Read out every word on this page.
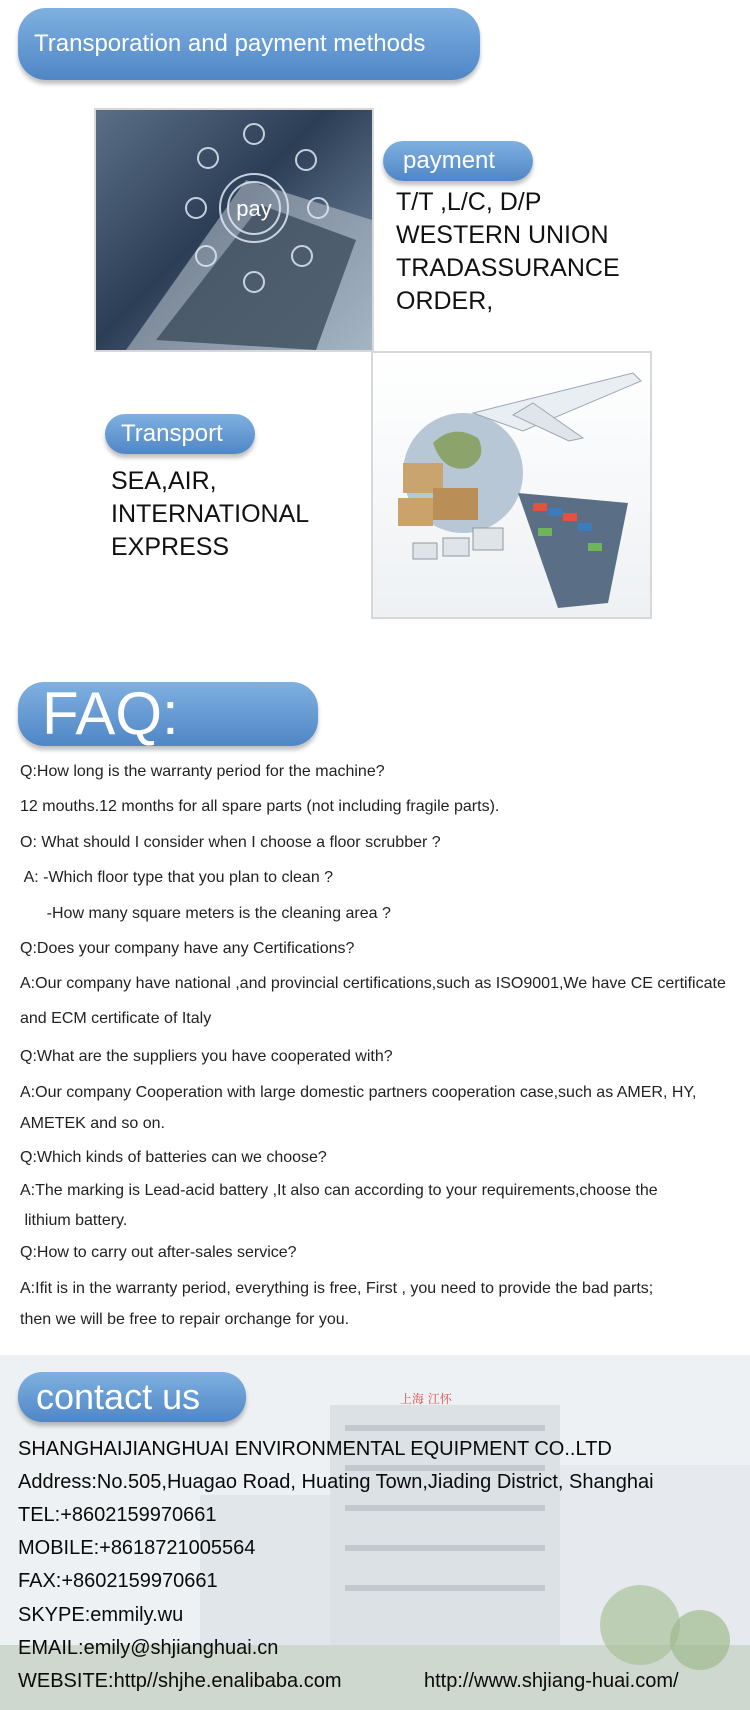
Transporation and payment methods
pay
payment
T/T ,L/C, D/P
WESTERN UNION
TRADASSURANCE
ORDER,
Transport
SEA,AIR,
INTERNATIONAL
EXPRESS
FAQ:
Q:How long is the warranty period for the machine?
12 mouths.12 months for all spare parts (not including fragile parts).
O: What should I consider when I choose a floor scrubber ?
A: -Which floor type that you plan to clean ?
-How many square meters is the cleaning area ?
Q:Does your company have any Certifications?
A:Our company have national ,and provincial certifications,such as ISO9001,We have CE certificate
and ECM certificate of Italy
Q:What are the suppliers you have cooperated with?
A:Our company Cooperation with large domestic partners cooperation case,such as AMER, HY,
AMETEK and so on.
Q:Which kinds of batteries can we choose?
A:The marking is Lead-acid battery ,It also can according to your requirements,choose the
lithium battery.
Q:How to carry out after-sales service?
A:Ifit is in the warranty period, everything is free, First , you need to provide the bad parts;
then we will be free to repair orchange for you.
上海 江怀
contact us
SHANGHAIJIANGHUAI ENVIRONMENTAL EQUIPMENT CO..LTD
Address:No.505,Huagao Road, Huating Town,Jiading District, Shanghai
TEL:+8602159970661
MOBILE:+8618721005564
FAX:+8602159970661
SKYPE:emmily.wu
EMAIL:emily@shjianghuai.cn
WEBSITE:http//shjhe.enalibaba.com	http://www.shjiang-huai.com/
